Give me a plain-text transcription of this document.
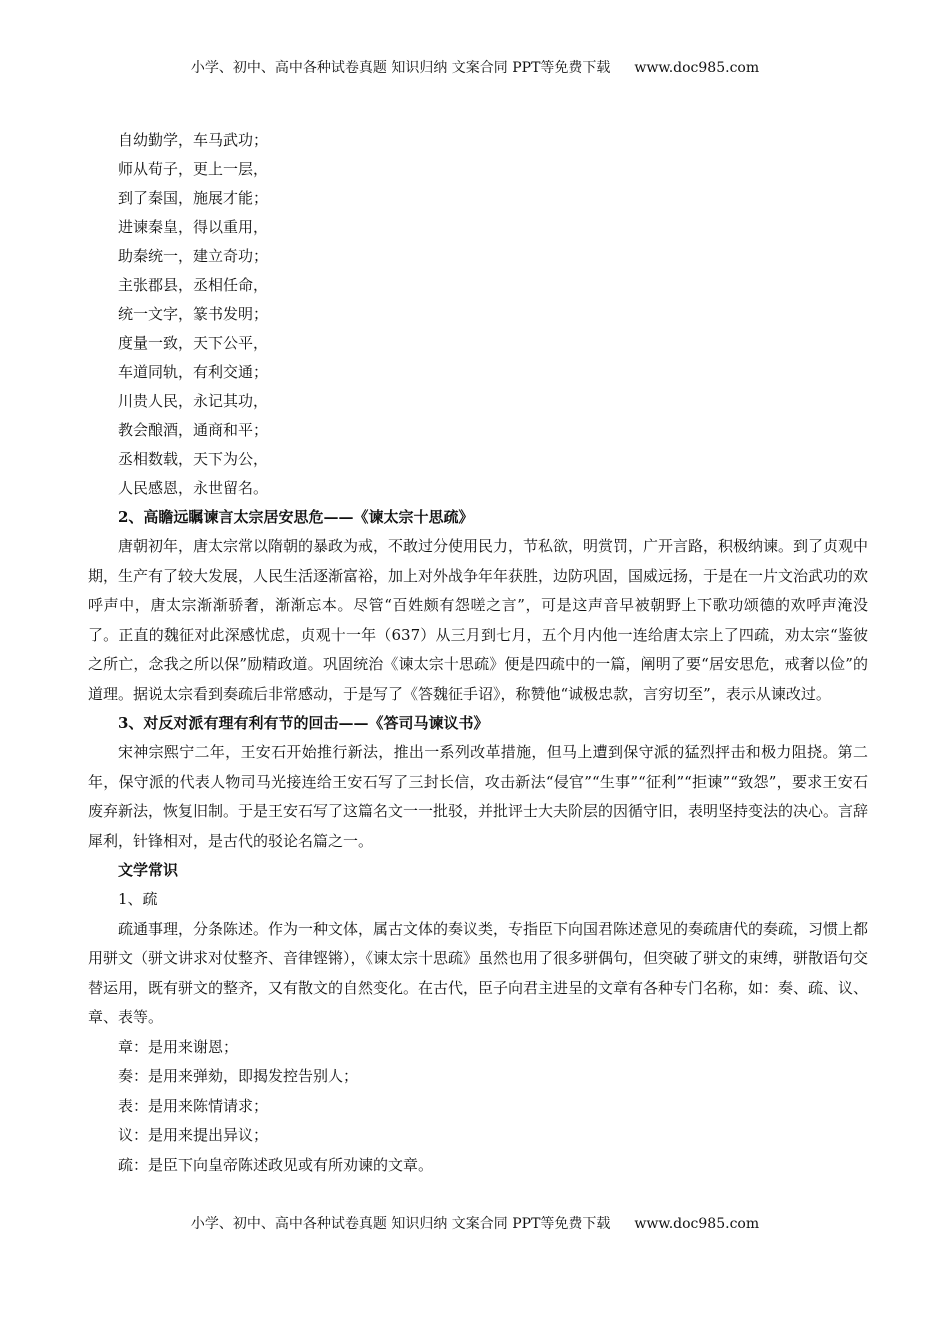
小学、初中、高中各种试卷真题 知识归纳 文案合同 PPT等免费下载 www.doc985.com

自幼勤学，车马武功；

师从荀子，更上一层，

到了秦国，施展才能；

进谏秦皇，得以重用，

助秦统一，建立奇功；

主张郡县，丞相任命，

统一文字，篆书发明；

度量一致，天下公平，

车道同轨，有利交通；

川贵人民，永记其功，

教会酿酒，通商和平；

丞相数载，天下为公，

人民感恩，永世留名。

2、高瞻远瞩谏言太宗居安思危——《谏太宗十思疏》

唐朝初年，唐太宗常以隋朝的暴政为戒，不敢过分使用民力，节私欲，明赏罚，广开言路，积极纳谏。到了贞观中期，生产有了较大发展，人民生活逐渐富裕，加上对外战争年年获胜，边防巩固，国威远扬，于是在一片文治武功的欢呼声中，唐太宗渐渐骄奢，渐渐忘本。尽管“百姓颇有怨嗟之言”，可是这声音早被朝野上下歌功颂德的欢呼声淹没了。正直的魏征对此深感忧虑，贞观十一年（637）从三月到七月，五个月内他一连给唐太宗上了四疏，劝太宗“鉴彼之所亡，念我之所以保”励精政道。巩固统治《谏太宗十思疏》便是四疏中的一篇，阐明了要“居安思危，戒奢以俭”的道理。据说太宗看到奏疏后非常感动，于是写了《答魏征手诏》，称赞他“诚极忠款，言穷切至”，表示从谏改过。

3、对反对派有理有利有节的回击——《答司马谏议书》

宋神宗熙宁二年，王安石开始推行新法，推出一系列改革措施，但马上遭到保守派的猛烈抨击和极力阻挠。第二年，保守派的代表人物司马光接连给王安石写了三封长信，攻击新法“侵官”“生事”“征利”“拒谏”“致怨”，要求王安石废弃新法，恢复旧制。于是王安石写了这篇名文一一批驳，并批评士大夫阶层的因循守旧，表明坚持变法的决心。言辞犀利，针锋相对，是古代的驳论名篇之一。

文学常识

1、疏

疏通事理，分条陈述。作为一种文体，属古文体的奏议类，专指臣下向国君陈述意见的奏疏唐代的奏疏，习惯上都用骈文（骈文讲求对仗整齐、音律铿锵），《谏太宗十思疏》虽然也用了很多骈偶句，但突破了骈文的束缚，骈散语句交替运用，既有骈文的整齐，又有散文的自然变化。在古代，臣子向君主进呈的文章有各种专门名称，如：奏、疏、议、章、表等。

章：是用来谢恩；

奏：是用来弹劾，即揭发控告别人；

表：是用来陈情请求；

议：是用来提出异议；

疏：是臣下向皇帝陈述政见或有所劝谏的文章。

小学、初中、高中各种试卷真题 知识归纳 文案合同 PPT等免费下载 www.doc985.com
